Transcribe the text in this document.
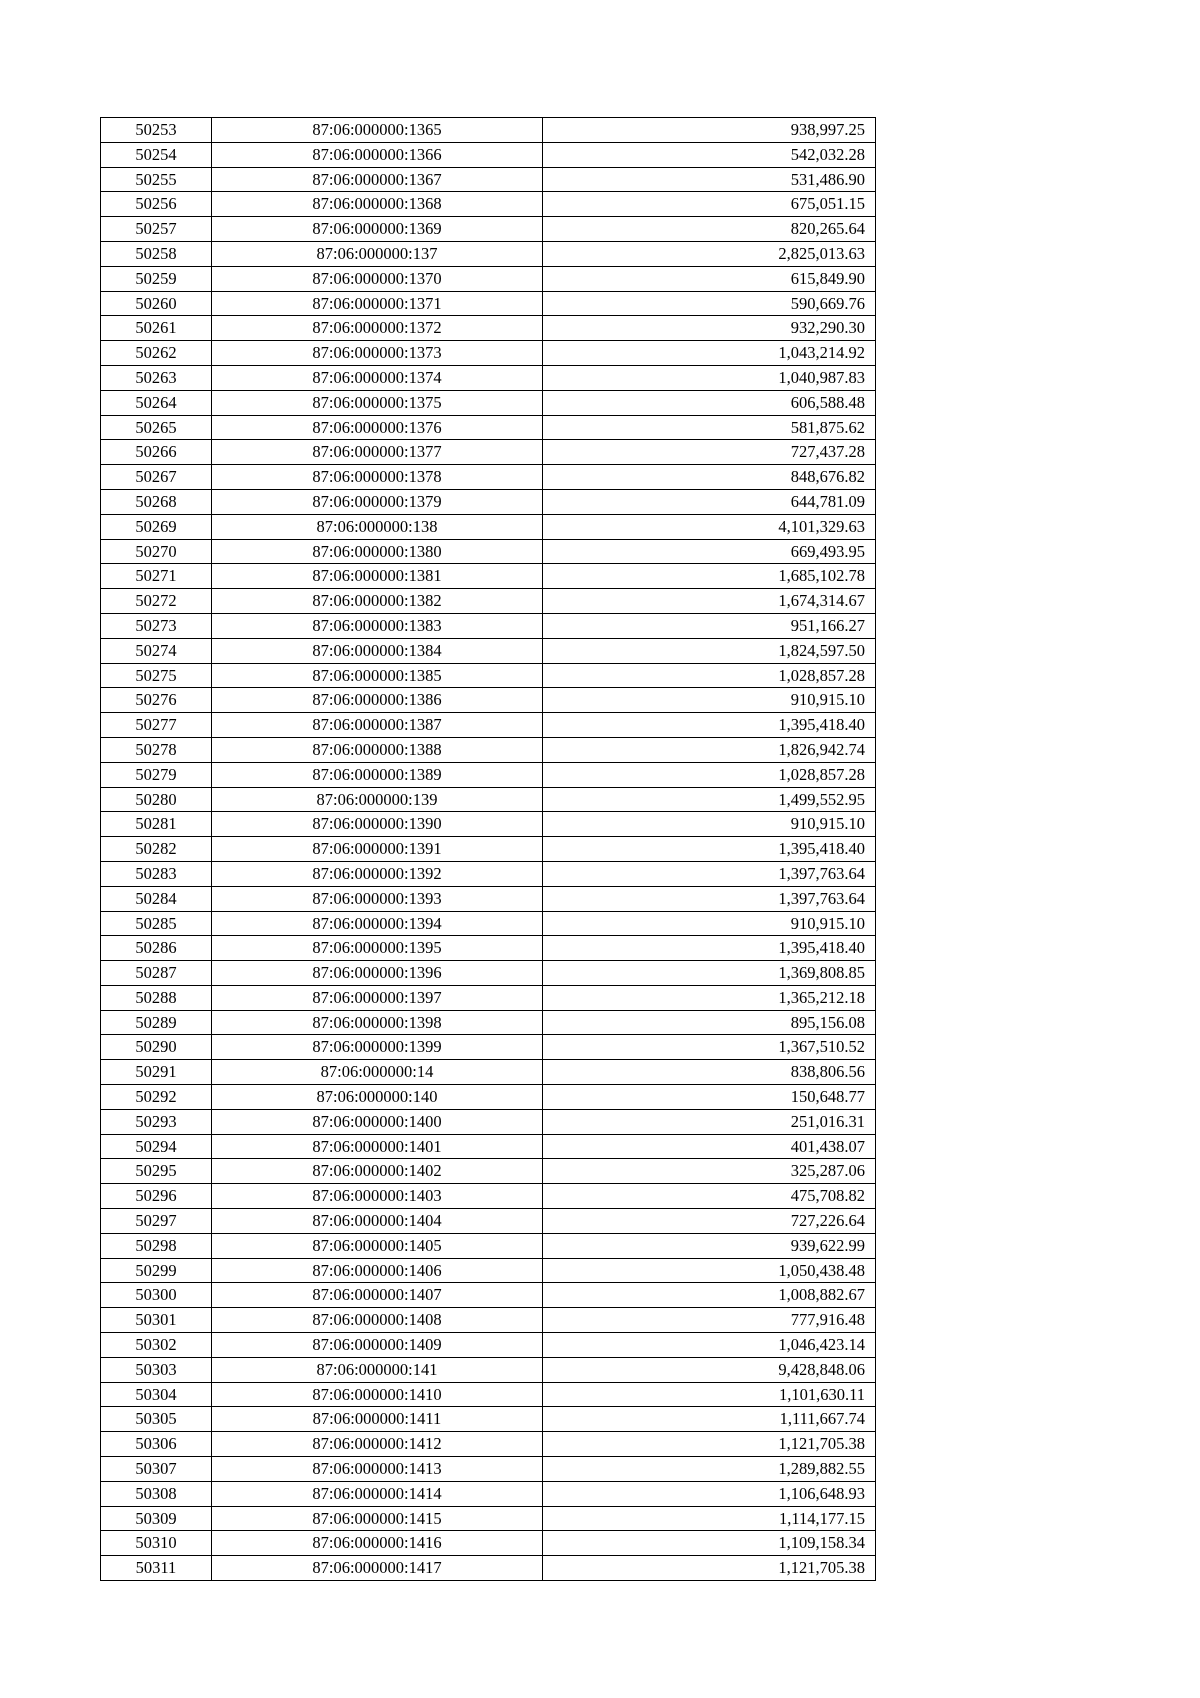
50253	87:06:000000:1365	938,997.25
50254	87:06:000000:1366	542,032.28
50255	87:06:000000:1367	531,486.90
50256	87:06:000000:1368	675,051.15
50257	87:06:000000:1369	820,265.64
50258	87:06:000000:137	2,825,013.63
50259	87:06:000000:1370	615,849.90
50260	87:06:000000:1371	590,669.76
50261	87:06:000000:1372	932,290.30
50262	87:06:000000:1373	1,043,214.92
50263	87:06:000000:1374	1,040,987.83
50264	87:06:000000:1375	606,588.48
50265	87:06:000000:1376	581,875.62
50266	87:06:000000:1377	727,437.28
50267	87:06:000000:1378	848,676.82
50268	87:06:000000:1379	644,781.09
50269	87:06:000000:138	4,101,329.63
50270	87:06:000000:1380	669,493.95
50271	87:06:000000:1381	1,685,102.78
50272	87:06:000000:1382	1,674,314.67
50273	87:06:000000:1383	951,166.27
50274	87:06:000000:1384	1,824,597.50
50275	87:06:000000:1385	1,028,857.28
50276	87:06:000000:1386	910,915.10
50277	87:06:000000:1387	1,395,418.40
50278	87:06:000000:1388	1,826,942.74
50279	87:06:000000:1389	1,028,857.28
50280	87:06:000000:139	1,499,552.95
50281	87:06:000000:1390	910,915.10
50282	87:06:000000:1391	1,395,418.40
50283	87:06:000000:1392	1,397,763.64
50284	87:06:000000:1393	1,397,763.64
50285	87:06:000000:1394	910,915.10
50286	87:06:000000:1395	1,395,418.40
50287	87:06:000000:1396	1,369,808.85
50288	87:06:000000:1397	1,365,212.18
50289	87:06:000000:1398	895,156.08
50290	87:06:000000:1399	1,367,510.52
50291	87:06:000000:14	838,806.56
50292	87:06:000000:140	150,648.77
50293	87:06:000000:1400	251,016.31
50294	87:06:000000:1401	401,438.07
50295	87:06:000000:1402	325,287.06
50296	87:06:000000:1403	475,708.82
50297	87:06:000000:1404	727,226.64
50298	87:06:000000:1405	939,622.99
50299	87:06:000000:1406	1,050,438.48
50300	87:06:000000:1407	1,008,882.67
50301	87:06:000000:1408	777,916.48
50302	87:06:000000:1409	1,046,423.14
50303	87:06:000000:141	9,428,848.06
50304	87:06:000000:1410	1,101,630.11
50305	87:06:000000:1411	1,111,667.74
50306	87:06:000000:1412	1,121,705.38
50307	87:06:000000:1413	1,289,882.55
50308	87:06:000000:1414	1,106,648.93
50309	87:06:000000:1415	1,114,177.15
50310	87:06:000000:1416	1,109,158.34
50311	87:06:000000:1417	1,121,705.38
